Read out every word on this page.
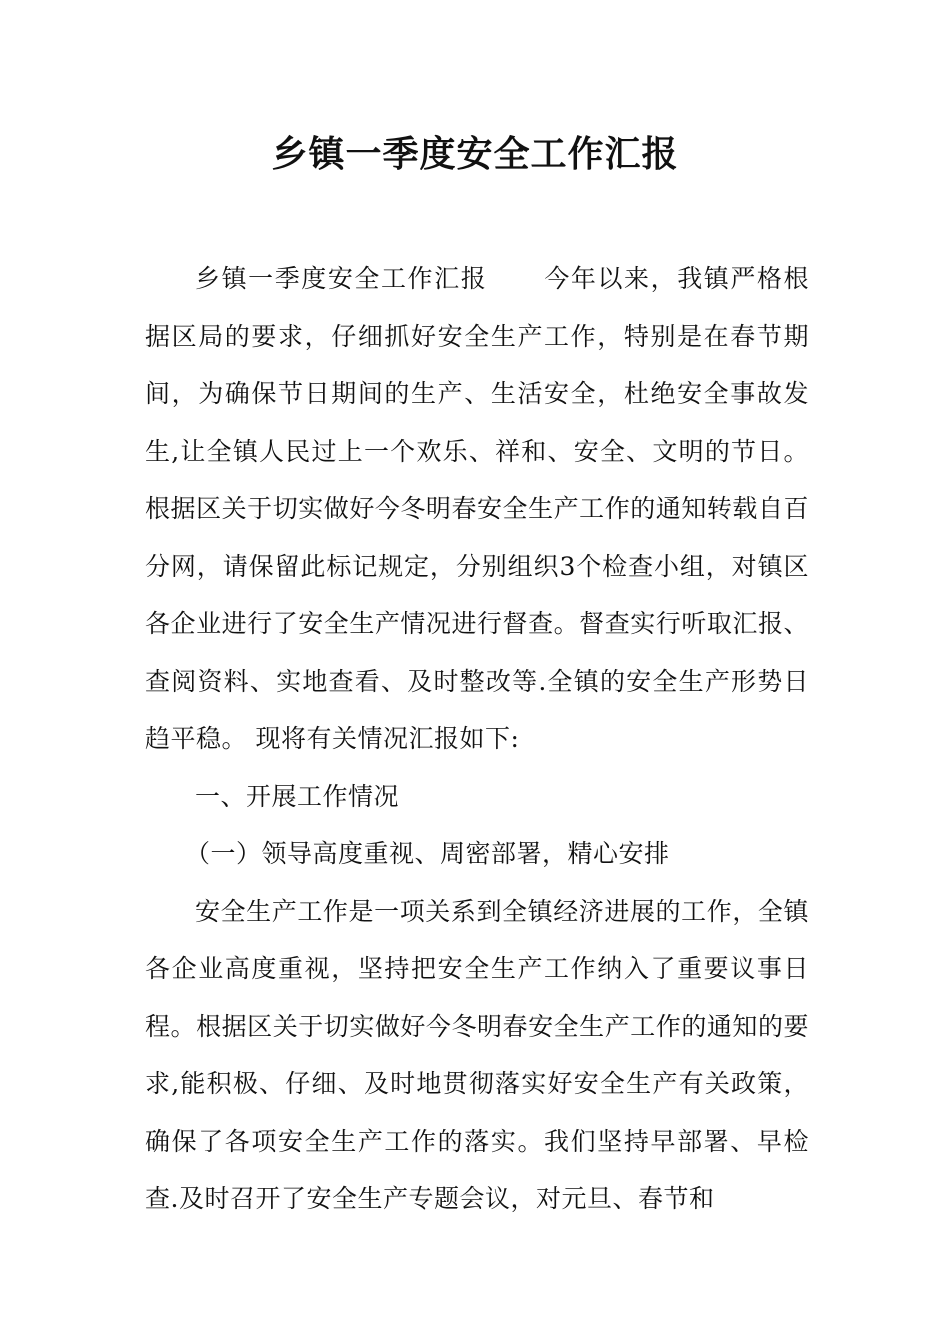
乡镇一季度安全工作汇报

乡镇一季度安全工作汇报 今年以来，我镇严格根据区局的要求，仔细抓好安全生产工作，特别是在春节期间，为确保节日期间的生产、生活安全，杜绝安全事故发生,让全镇人民过上一个欢乐、祥和、安全、文明的节日。根据区关于切实做好今冬明春安全生产工作的通知转载自百分网，请保留此标记规定，分别组织3个检查小组，对镇区各企业进行了安全生产情况进行督查。督查实行听取汇报、查阅资料、实地查看、及时整改等.全镇的安全生产形势日趋平稳。 现将有关情况汇报如下:

一、开展工作情况

（一）领导高度重视、周密部署，精心安排

安全生产工作是一项关系到全镇经济进展的工作，全镇各企业高度重视，坚持把安全生产工作纳入了重要议事日程。根据区关于切实做好今冬明春安全生产工作的通知的要求,能积极、仔细、及时地贯彻落实好安全生产有关政策，确保了各项安全生产工作的落实。我们坚持早部署、早检查.及时召开了安全生产专题会议，对元旦、春节和
